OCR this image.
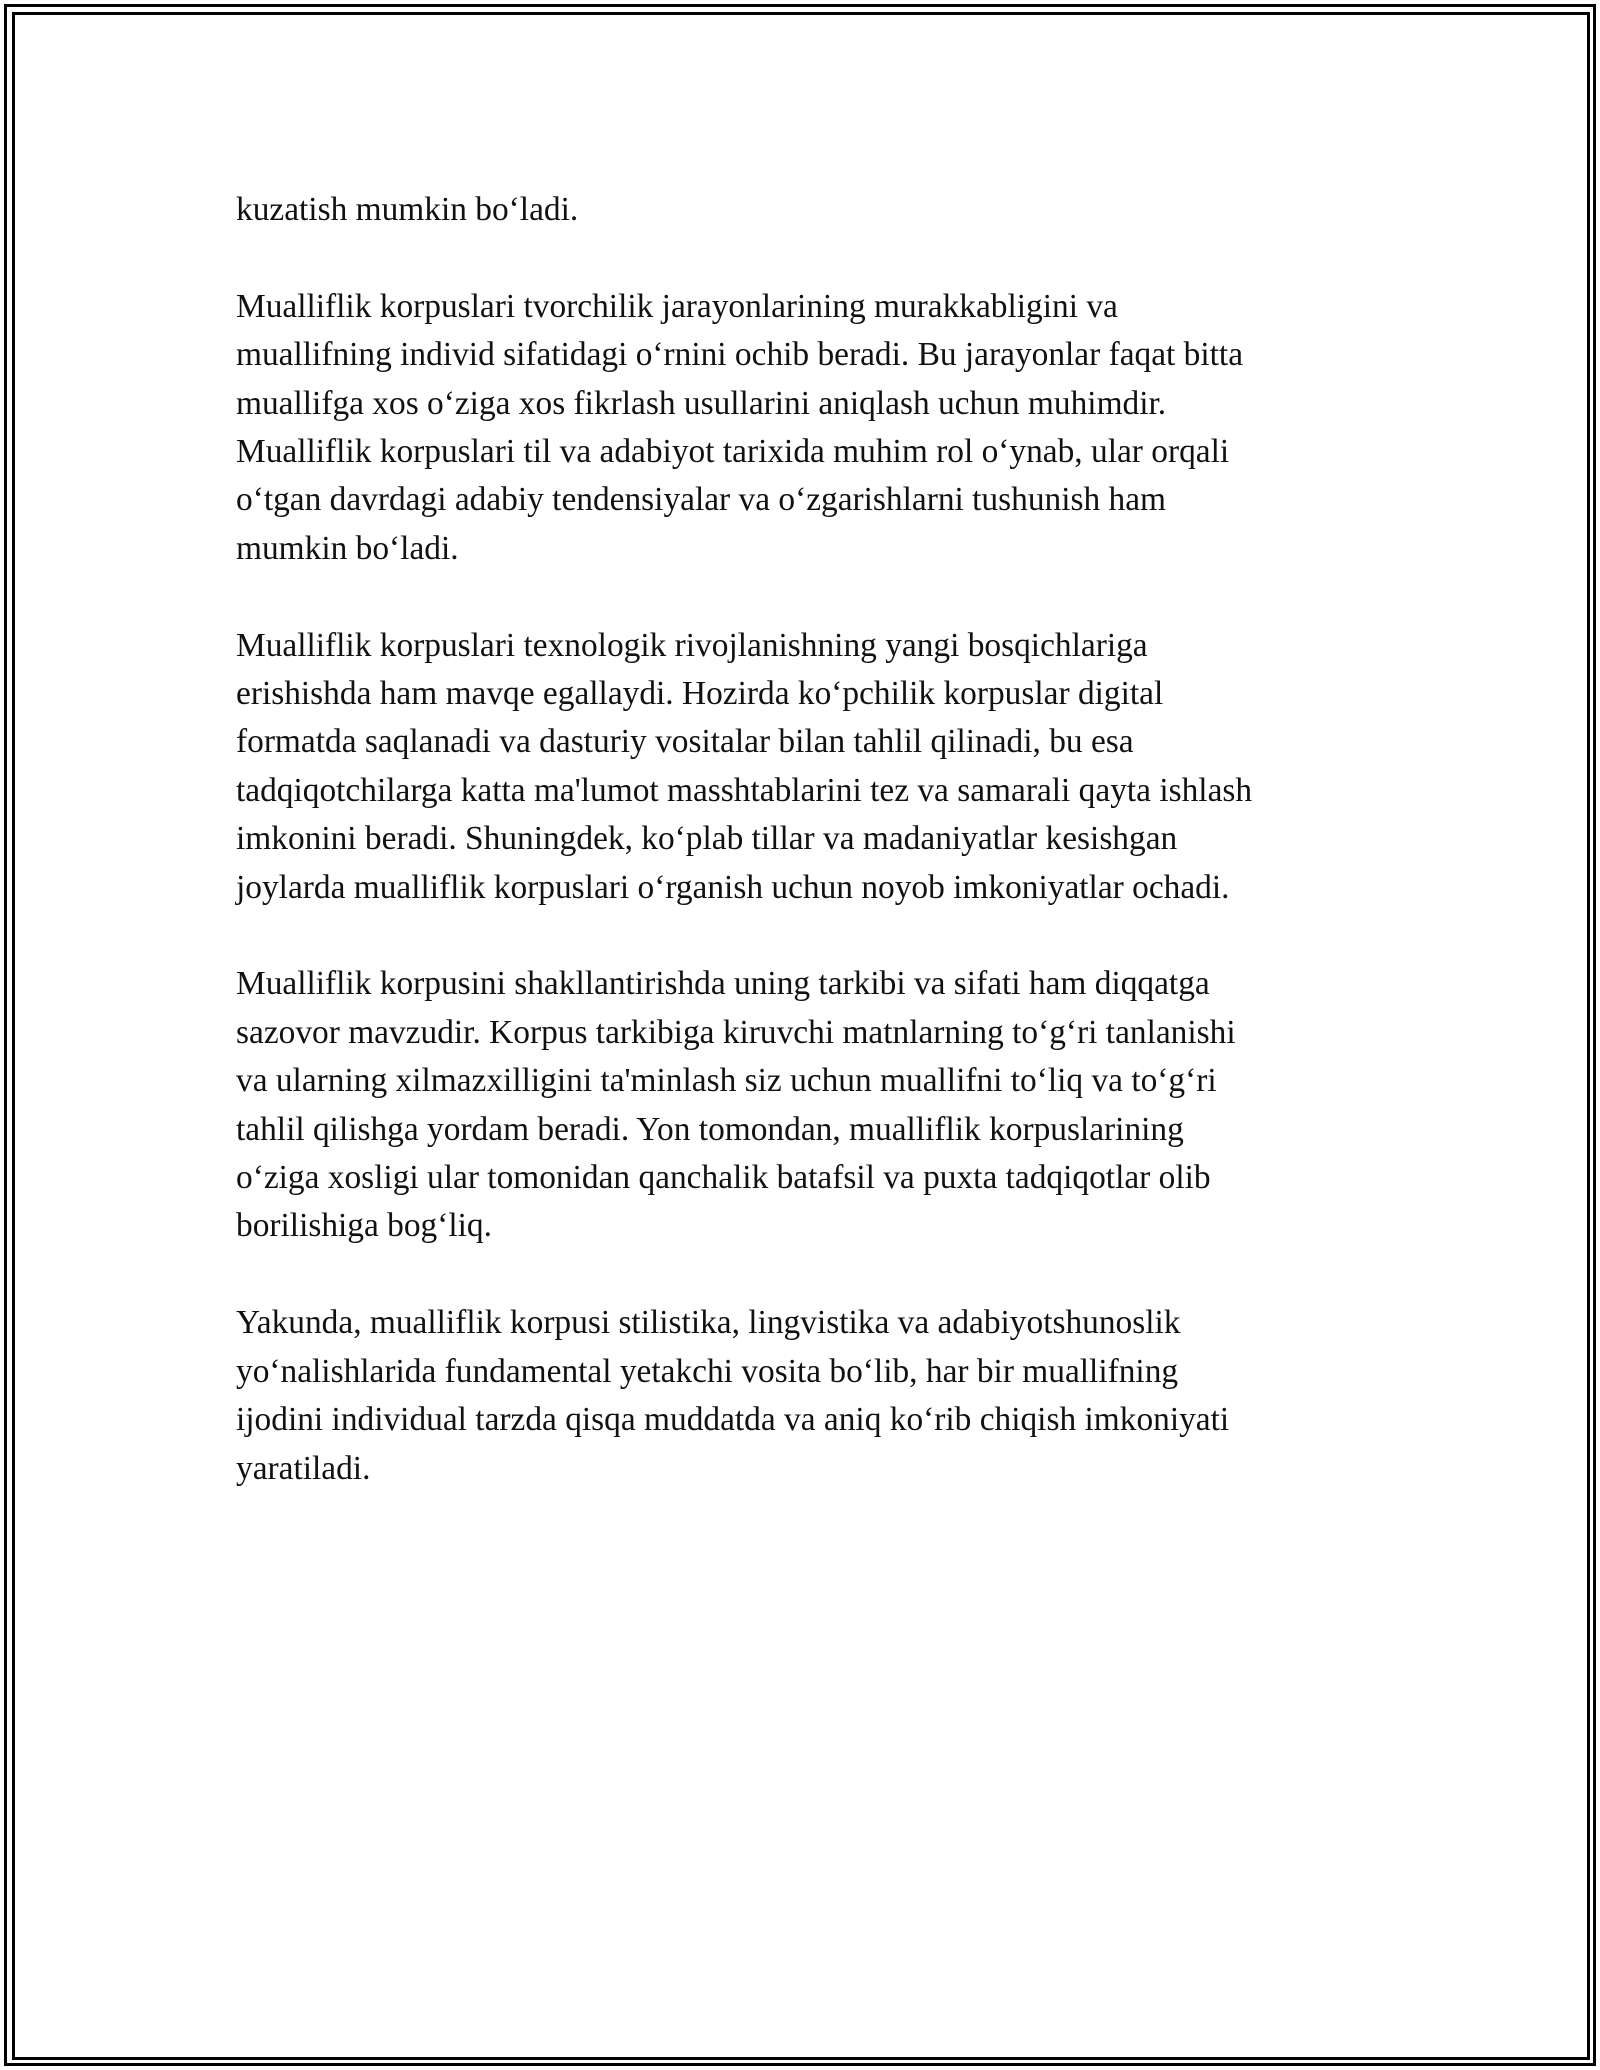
kuzatish mumkin bo‘ladi.

Mualliflik korpuslari tvorchilik jarayonlarining murakkabligini va
muallifning individ sifatidagi o‘rnini ochib beradi. Bu jarayonlar faqat bitta
muallifga xos o‘ziga xos fikrlash usullarini aniqlash uchun muhimdir.
Mualliflik korpuslari til va adabiyot tarixida muhim rol o‘ynab, ular orqali
o‘tgan davrdagi adabiy tendensiyalar va o‘zgarishlarni tushunish ham
mumkin bo‘ladi.

Mualliflik korpuslari texnologik rivojlanishning yangi bosqichlariga
erishishda ham mavqe egallaydi. Hozirda ko‘pchilik korpuslar digital
formatda saqlanadi va dasturiy vositalar bilan tahlil qilinadi, bu esa
tadqiqotchilarga katta ma'lumot masshtablarini tez va samarali qayta ishlash
imkonini beradi. Shuningdek, ko‘plab tillar va madaniyatlar kesishgan
joylarda mualliflik korpuslari o‘rganish uchun noyob imkoniyatlar ochadi.

Mualliflik korpusini shakllantirishda uning tarkibi va sifati ham diqqatga
sazovor mavzudir. Korpus tarkibiga kiruvchi matnlarning to‘g‘ri tanlanishi
va ularning xilmazxilligini ta'minlash siz uchun muallifni to‘liq va to‘g‘ri
tahlil qilishga yordam beradi. Yon tomondan, mualliflik korpuslarining
o‘ziga xosligi ular tomonidan qanchalik batafsil va puxta tadqiqotlar olib
borilishiga bog‘liq.

Yakunda, mualliflik korpusi stilistika, lingvistika va adabiyotshunoslik
yo‘nalishlarida fundamental yetakchi vosita bo‘lib, har bir muallifning
ijodini individual tarzda qisqa muddatda va aniq ko‘rib chiqish imkoniyati
yaratiladi.
